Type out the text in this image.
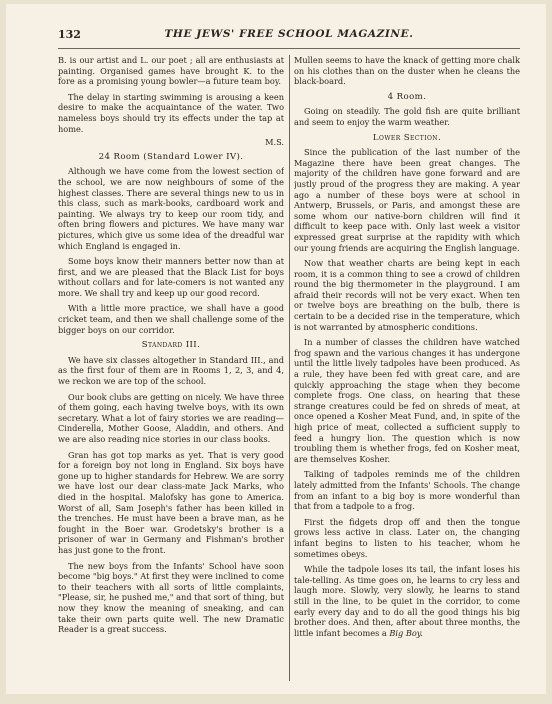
132	THE JEWS' FREE SCHOOL MAGAZINE.

B. is our artist and L. our poet ; all are enthusiasts at painting. Organised games have brought K. to the fore as a promising young bowler—a future team boy.

The delay in starting swimming is arousing a keen desire to make the acquaintance of the water. Two nameless boys should try its effects under the tap at home.

M.S.
24 Room (Standard Lower IV).

Although we have come from the lowest section of the school, we are now neighbours of some of the highest classes. There are several things new to us in this class, such as mark-books, cardboard work and painting. We always try to keep our room tidy, and often bring flowers and pictures. We have many war pictures, which give us some idea of the dreadful war which England is engaged in.

Some boys know their manners better now than at first, and we are pleased that the Black List for boys without collars and for late-comers is not wanted any more. We shall try and keep up our good record.

With a little more practice, we shall have a good cricket team, and then we shall challenge some of the bigger boys on our corridor.

Standard III.

We have six classes altogether in Standard III., and as the first four of them are in Rooms 1, 2, 3, and 4, we reckon we are top of the school.

Our book clubs are getting on nicely. We have three of them going, each having twelve boys, with its own secretary. What a lot of fairy stories we are reading—Cinderella, Mother Goose, Aladdin, and others. And we are also reading nice stories in our class books.

Gran has got top marks as yet. That is very good for a foreign boy not long in England. Six boys have gone up to higher standards for Hebrew. We are sorry we have lost our dear class-mate Jack Marks, who died in the hospital. Malofsky has gone to America. Worst of all, Sam Joseph's father has been killed in the trenches. He must have been a brave man, as he fought in the Boer war. Grodetsky's brother is a prisoner of war in Germany and Fishman's brother has just gone to the front.

The new boys from the Infants' School have soon become "big boys." At first they were inclined to come to their teachers with all sorts of little complaints, "Please, sir, he pushed me," and that sort of thing, but now they know the meaning of sneaking, and can take their own parts quite well. The new Dramatic Reader is a great success.

Mullen seems to have the knack of getting more chalk on his clothes than on the duster when he cleans the black-board.

4 Room.

Going on steadily. The gold fish are quite brilliant and seem to enjoy the warm weather.

Lower Section.

Since the publication of the last number of the Magazine there have been great changes. The majority of the children have gone forward and are justly proud of the progress they are making. A year ago a number of these boys were at school in Antwerp, Brussels, or Paris, and amongst these are some whom our native-born children will find it difficult to keep pace with. Only last week a visitor expressed great surprise at the rapidity with which our young friends are acquiring the English language.

Now that weather charts are being kept in each room, it is a common thing to see a crowd of children round the big thermometer in the playground. I am afraid their records will not be very exact. When ten or twelve boys are breathing on the bulb, there is certain to be a decided rise in the temperature, which is not warranted by atmospheric conditions.

In a number of classes the children have watched frog spawn and the various changes it has undergone until the little lively tadpoles have been produced. As a rule, they have been fed with great care, and are quickly approaching the stage when they become complete frogs. One class, on hearing that these strange creatures could be fed on shreds of meat, at once opened a Kosher Meat Fund, and, in spite of the high price of meat, collected a sufficient supply to feed a hungry lion. The question which is now troubling them is whether frogs, fed on Kosher meat, are themselves Kosher.

Talking of tadpoles reminds me of the children lately admitted from the Infants' Schools. The change from an infant to a big boy is more wonderful than that from a tadpole to a frog.

First the fidgets drop off and then the tongue grows less active in class. Later on, the changing infant begins to listen to his teacher, whom he sometimes obeys.

While the tadpole loses its tail, the infant loses his tale-telling. As time goes on, he learns to cry less and laugh more. Slowly, very slowly, he learns to stand still in the line, to be quiet in the corridor, to come early every day and to do all the good things his big brother does. And then, after about three months, the little infant becomes a Big Boy.
